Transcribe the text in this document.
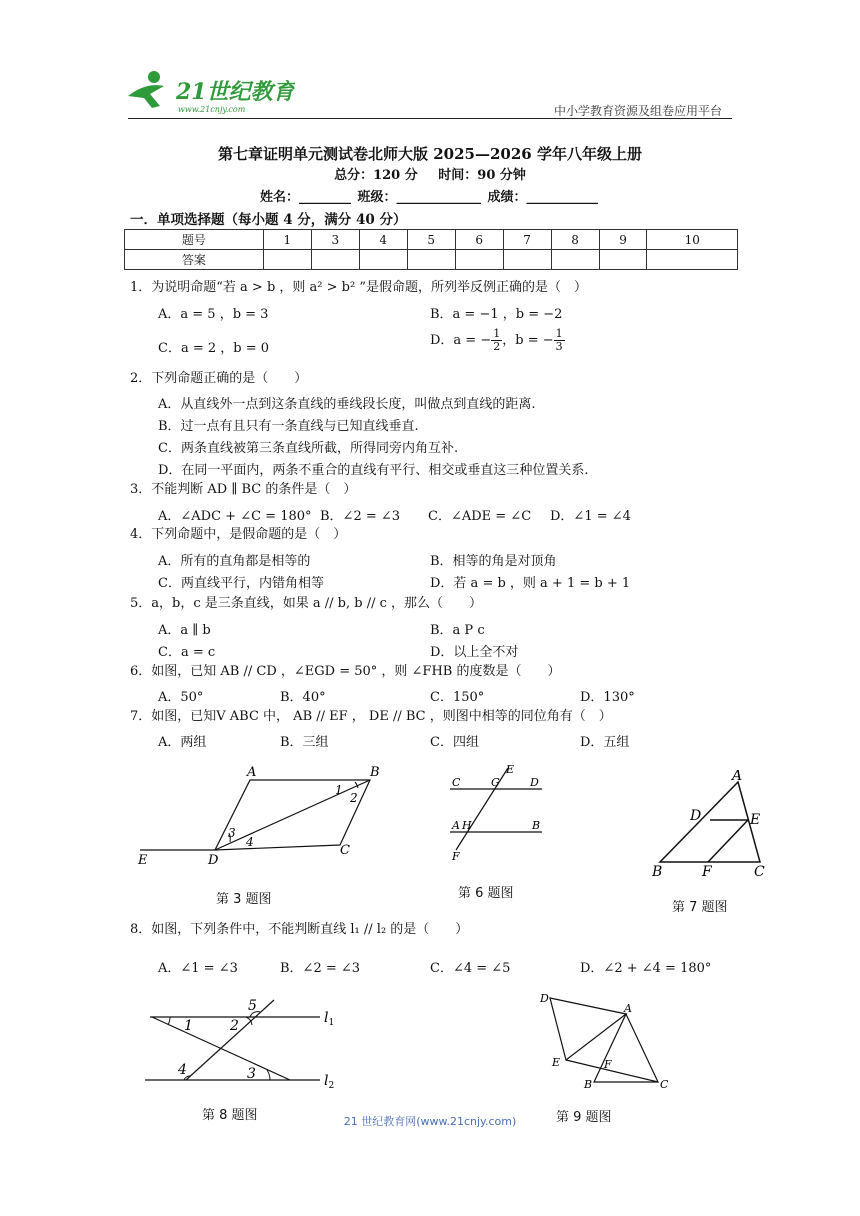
21世纪教育
www.21cnjy.com	中小学教育资源及组卷应用平台
第七章证明单元测试卷北师大版 2025—2026 学年八年级上册
总分：120 分 时间：90 分钟
姓名：________ 班级：_____________ 成绩：___________
一．单项选择题（每小题 4 分，满分 40 分）
题号	1	3	4	5	6	7	8	9	10
答案									
1．为说明命题“若 a > b ，则 a² > b² ”是假命题，所列举反例正确的是（　）
A．a = 5 ，b = 3	B．a = −1 ，b = −2
C．a = 2 ，b = 0
D．a = − $\frac{1}{2}$ ，b = − $\frac{1}{3}$
2．下列命题正确的是（　　）
A．从直线外一点到这条直线的垂线段长度，叫做点到直线的距离.
B．过一点有且只有一条直线与已知直线垂直.
C．两条直线被第三条直线所截，所得同旁内角互补.
D．在同一平面内，两条不重合的直线有平行、相交或垂直这三种位置关系.
3．不能判断 AD ∥ BC 的条件是（　）
A．∠ADC + ∠C = 180° B．∠2 = ∠3 C．∠ADE = ∠C D．∠1 = ∠4
4．下列命题中，是假命题的是（　）
A．所有的直角都是相等的	B．相等的角是对顶角
C．两直线平行，内错角相等	D．若 a = b ，则 a + 1 = b + 1
5．a，b，c 是三条直线，如果 a // b, b // c ，那么（　　）
A．a ∥ b	B．a P c
C．a = c	D．以上全不对
6．如图，已知 AB // CD ，∠EGD = 50° ，则 ∠FHB 的度数是（　　）
A．50°	B．40°	C．150°	D．130°
7．如图，已知V ABC 中， AB // EF ， DE // BC ，则图中相等的同位角有（　）
A．两组	B．三组	C．四组	D．五组
A	B
C
D
E
1
2
3
4
第 3 题图
C	G
E
D
A H	B
F
第 6 题图
A
D	E
B	F	C
第 7 题图
8．如图，下列条件中，不能判断直线 l₁ // l₂ 的是（　　）
A．∠1 = ∠3	B．∠2 = ∠3	C．∠4 = ∠5	D．∠2 + ∠4 = 180°
1	2
5
4	3
$l_1$
$l_2$
第 8 题图
D
A
E	F
B	C
第 9 题图
21 世纪教育网(www.21cnjy.com)
